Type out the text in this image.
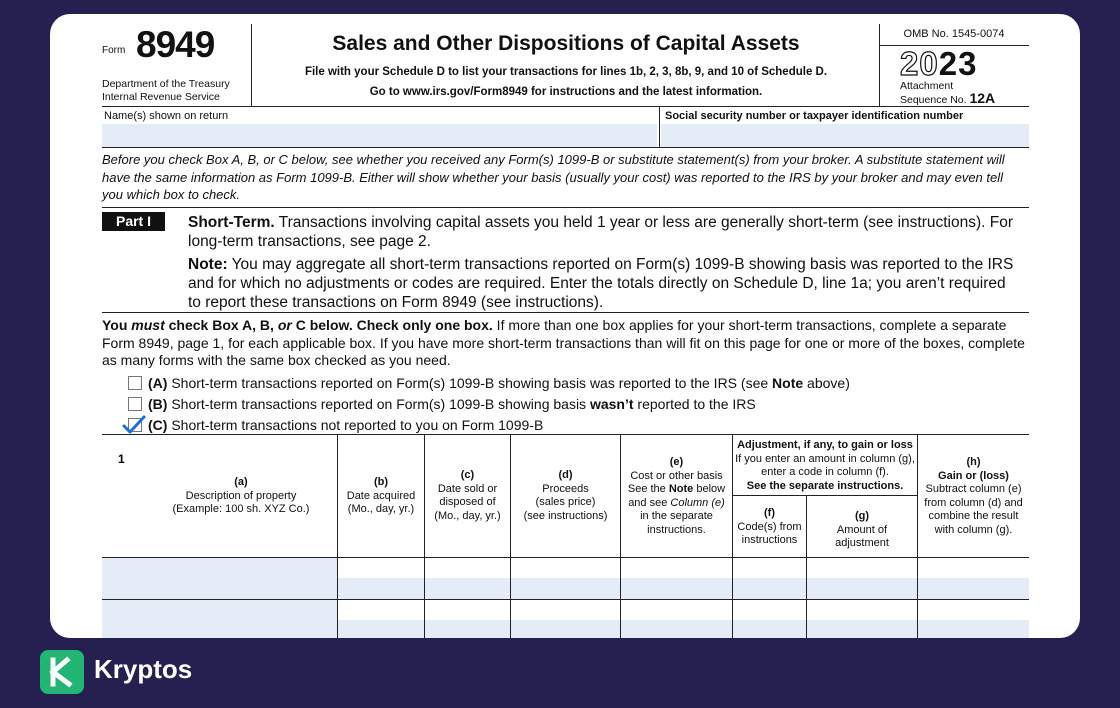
Form 8949
Department of the Treasury
Internal Revenue Service
Sales and Other Dispositions of Capital Assets
File with your Schedule D to list your transactions for lines 1b, 2, 3, 8b, 9, and 10 of Schedule D.
Go to www.irs.gov/Form8949 for instructions and the latest information.
OMB No. 1545-0074
2023
Attachment
Sequence No. 12A
Name(s) shown on return	Social security number or taxpayer identification number
Before you check Box A, B, or C below, see whether you received any Form(s) 1099-B or substitute statement(s) from your broker. A substitute statement will have the same information as Form 1099-B. Either will show whether your basis (usually your cost) was reported to the IRS by your broker and may even tell you which box to check.
Part I	Short-Term. Transactions involving capital assets you held 1 year or less are generally short-term (see instructions). For long-term transactions, see page 2.
Note: You may aggregate all short-term transactions reported on Form(s) 1099-B showing basis was reported to the IRS and for which no adjustments or codes are required. Enter the totals directly on Schedule D, line 1a; you aren’t required to report these transactions on Form 8949 (see instructions).
You must check Box A, B, or C below. Check only one box. If more than one box applies for your short-term transactions, complete a separate Form 8949, page 1, for each applicable box. If you have more short-term transactions than will fit on this page for one or more of the boxes, complete as many forms with the same box checked as you need.
(A) Short-term transactions reported on Form(s) 1099-B showing basis was reported to the IRS (see Note above)
(B) Short-term transactions reported on Form(s) 1099-B showing basis wasn’t reported to the IRS
(C) Short-term transactions not reported to you on Form 1099-B
1
(a)
Description of property
(Example: 100 sh. XYZ Co.)
(b)
Date acquired
(Mo., day, yr.)
(c)
Date sold or
disposed of
(Mo., day, yr.)
(d)
Proceeds
(sales price)
(see instructions)
(e)
Cost or other basis
See the Note below
and see Column (e)
in the separate
instructions.
Adjustment, if any, to gain or loss
If you enter an amount in column (g),
enter a code in column (f).
See the separate instructions.
(f)
Code(s) from
instructions
(g)
Amount of
adjustment
(h)
Gain or (loss)
Subtract column (e)
from column (d) and
combine the result
with column (g).
Kryptos
